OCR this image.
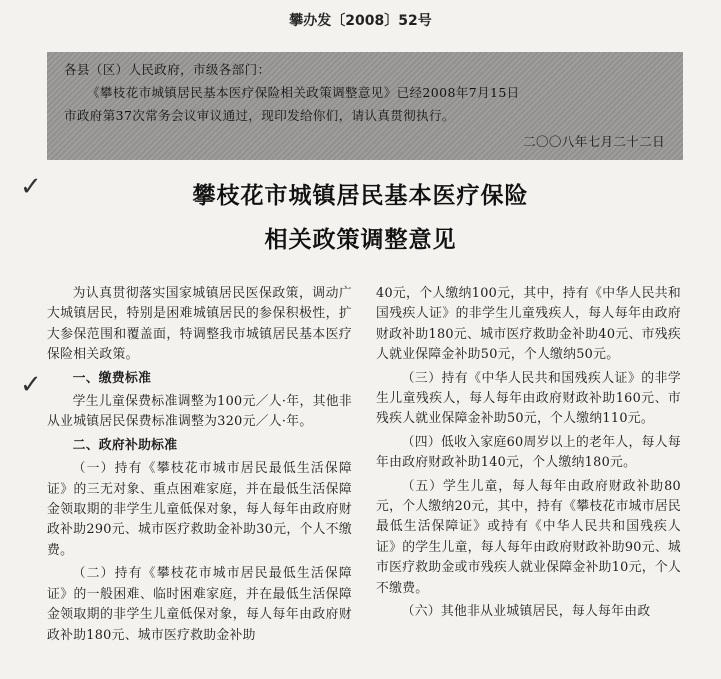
攀办发〔2008〕52号

各县（区）人民政府，市级各部门：

《攀枝花市城镇居民基本医疗保险相关政策调整意见》已经2008年7月15日

市政府第37次常务会议审议通过，现印发给你们，请认真贯彻执行。

二〇〇八年七月二十二日

✓
✓
攀枝花市城镇居民基本医疗保险
相关政策调整意见

为认真贯彻落实国家城镇居民医保政策，调动广大城镇居民，特别是困难城镇居民的参保积极性，扩大参保范围和覆盖面，特调整我市城镇居民基本医疗保险相关政策。

一、缴费标准

学生儿童保费标准调整为100元／人·年，其他非从业城镇居民保费标准调整为320元／人·年。

二、政府补助标准

（一）持有《攀枝花市城市居民最低生活保障证》的三无对象、重点困难家庭，并在最低生活保障金领取期的非学生儿童低保对象，每人每年由政府财政补助290元、城市医疗救助金补助30元，个人不缴费。

（二）持有《攀枝花市城市居民最低生活保障证》的一般困难、临时困难家庭，并在最低生活保障金领取期的非学生儿童低保对象，每人每年由政府财政补助180元、城市医疗救助金补助

40元，个人缴纳100元，其中，持有《中华人民共和国残疾人证》的非学生儿童残疾人，每人每年由政府财政补助180元、城市医疗救助金补助40元、市残疾人就业保障金补助50元，个人缴纳50元。

（三）持有《中华人民共和国残疾人证》的非学生儿童残疾人，每人每年由政府财政补助160元、市残疾人就业保障金补助50元，个人缴纳110元。

（四）低收入家庭60周岁以上的老年人，每人每年由政府财政补助140元，个人缴纳180元。

（五）学生儿童，每人每年由政府财政补助80元，个人缴纳20元，其中，持有《攀枝花市城市居民最低生活保障证》或持有《中华人民共和国残疾人证》的学生儿童，每人每年由政府财政补助90元、城市医疗救助金或市残疾人就业保障金补助10元，个人不缴费。

（六）其他非从业城镇居民，每人每年由政
